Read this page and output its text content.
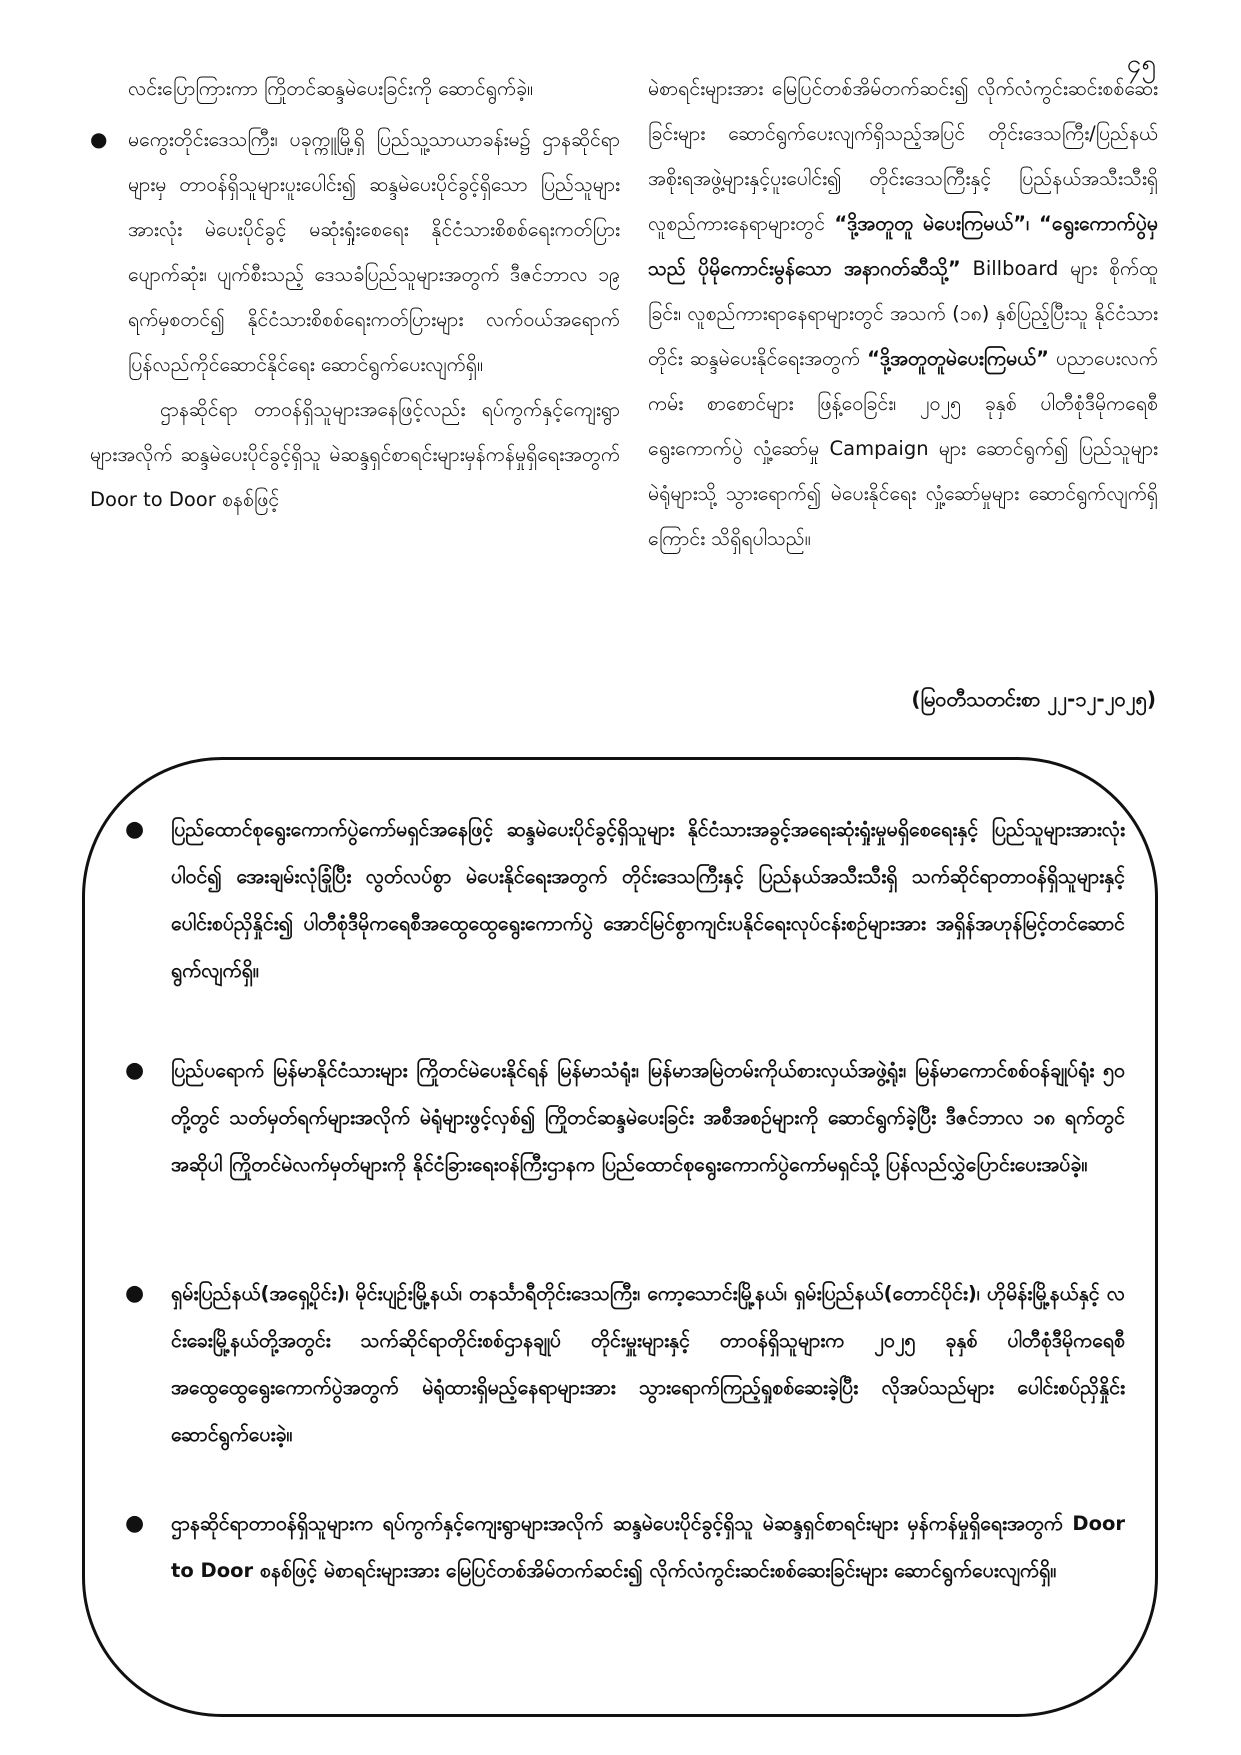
၄၅

လင်းပြောကြားကာ ကြိုတင်ဆန္ဒမဲပေးခြင်းကို ဆောင်ရွက်ခဲ့။

●	မကွေးတိုင်းဒေသကြီး၊ ပခုက္ကူမြို့ရှိ ပြည်သူ့သာယာခန်းမ၌ ဌာနဆိုင်ရာများမှ တာဝန်ရှိသူများပူးပေါင်း၍ ဆန္ဒမဲပေးပိုင်ခွင့်ရှိသော ပြည်သူများအားလုံး မဲပေးပိုင်ခွင့် မဆုံးရှုံးစေရေး နိုင်ငံသားစိစစ်ရေးကတ်ပြားပျောက်ဆုံး၊ ပျက်စီးသည့် ဒေသခံပြည်သူများအတွက် ဒီဇင်ဘာလ ၁၉ ရက်မှစတင်၍ နိုင်ငံသားစိစစ်ရေးကတ်ပြားများ လက်ဝယ်အရောက် ပြန်လည်ကိုင်ဆောင်နိုင်ရေး ဆောင်ရွက်ပေးလျက်ရှိ။

ဌာနဆိုင်ရာ တာဝန်ရှိသူများအနေဖြင့်လည်း ရပ်ကွက်နှင့်ကျေးရွာများအလိုက် ဆန္ဒမဲပေးပိုင်ခွင့်ရှိသူ မဲဆန္ဒရှင်စာရင်းများမှန်ကန်မှုရှိရေးအတွက် Door to Door စနစ်ဖြင့်

မဲစာရင်းများအား မြေပြင်တစ်အိမ်တက်ဆင်း၍ လိုက်လံကွင်းဆင်းစစ်ဆေးခြင်းများ ဆောင်ရွက်ပေးလျက်ရှိသည့်အပြင် တိုင်းဒေသကြီး/ပြည်နယ်အစိုးရအဖွဲ့များနှင့်ပူးပေါင်း၍ တိုင်းဒေသကြီးနှင့် ပြည်နယ်အသီးသီးရှိ လူစည်ကားနေရာများတွင် “ဒို့အတူတူ မဲပေးကြမယ်”၊ “ရွေးကောက်ပွဲမှသည် ပိုမိုကောင်းမွန်သော အနာဂတ်ဆီသို့” Billboard များ စိုက်ထူခြင်း၊ လူစည်ကားရာနေရာများတွင် အသက် (၁၈) နှစ်ပြည့်ပြီးသူ နိုင်ငံသားတိုင်း ဆန္ဒမဲပေးနိုင်ရေးအတွက် “ဒို့အတူတူမဲပေးကြမယ်” ပညာပေးလက်ကမ်း စာစောင်များ ဖြန့်ဝေခြင်း၊ ၂၀၂၅ ခုနှစ် ပါတီစုံဒီမိုကရေစီ ရွေးကောက်ပွဲ လှုံ့ဆော်မှု Campaign များ ဆောင်ရွက်၍ ပြည်သူများ မဲရုံများသို့ သွားရောက်၍ မဲပေးနိုင်ရေး လှုံ့ဆော်မှုများ ဆောင်ရွက်လျက်ရှိကြောင်း သိရှိရပါသည်။

(မြဝတီသတင်းစာ ၂၂-၁၂-၂၀၂၅)
●	ပြည်ထောင်စုရွေးကောက်ပွဲကော်မရှင်အနေဖြင့် ဆန္ဒမဲပေးပိုင်ခွင့်ရှိသူများ နိုင်ငံသားအခွင့်အရေးဆုံးရှုံးမှုမရှိစေရေးနှင့် ပြည်သူများအားလုံးပါဝင်၍ အေးချမ်းလုံခြုံပြီး လွတ်လပ်စွာ မဲပေးနိုင်ရေးအတွက် တိုင်းဒေသကြီးနှင့် ပြည်နယ်အသီးသီးရှိ သက်ဆိုင်ရာတာဝန်ရှိသူများနှင့် ပေါင်းစပ်ညှိနှိုင်း၍ ပါတီစုံဒီမိုကရေစီအထွေထွေရွေးကောက်ပွဲ အောင်မြင်စွာကျင်းပနိုင်ရေးလုပ်ငန်းစဉ်များအား အရှိန်အဟုန်မြင့်တင်ဆောင်ရွက်လျက်ရှိ။
●	ပြည်ပရောက် မြန်မာနိုင်ငံသားများ ကြိုတင်မဲပေးနိုင်ရန် မြန်မာသံရုံး၊ မြန်မာအမြဲတမ်းကိုယ်စားလှယ်အဖွဲ့ရုံး၊ မြန်မာကောင်စစ်ဝန်ချုပ်ရုံး ၅၀ တို့တွင် သတ်မှတ်ရက်များအလိုက် မဲရုံများဖွင့်လှစ်၍ ကြိုတင်ဆန္ဒမဲပေးခြင်း အစီအစဉ်များကို ဆောင်ရွက်ခဲ့ပြီး ဒီဇင်ဘာလ ၁၈ ရက်တွင် အဆိုပါ ကြိုတင်မဲလက်မှတ်များကို နိုင်ငံခြားရေးဝန်ကြီးဌာနက ပြည်ထောင်စုရွေးကောက်ပွဲကော်မရှင်သို့ ပြန်လည်လွှဲပြောင်းပေးအပ်ခဲ့။
●	ရှမ်းပြည်နယ်(အရှေ့ပိုင်း)၊ မိုင်းပျဉ်းမြို့နယ်၊ တနင်္သာရီတိုင်းဒေသကြီး၊ ကော့သောင်းမြို့နယ်၊ ရှမ်းပြည်နယ်(တောင်ပိုင်း)၊ ဟိုမိန်းမြို့နယ်နှင့် လင်းခေးမြို့နယ်တို့အတွင်း သက်ဆိုင်ရာတိုင်းစစ်ဌာနချုပ် တိုင်းမှူးများနှင့် တာဝန်ရှိသူများက ၂၀၂၅ ခုနှစ် ပါတီစုံဒီမိုကရေစီအထွေထွေရွေးကောက်ပွဲအတွက် မဲရုံထားရှိမည့်နေရာများအား သွားရောက်ကြည့်ရှုစစ်ဆေးခဲ့ပြီး လိုအပ်သည်များ ပေါင်းစပ်ညှိနှိုင်းဆောင်ရွက်ပေးခဲ့။
●	ဌာနဆိုင်ရာတာဝန်ရှိသူများက ရပ်ကွက်နှင့်ကျေးရွာများအလိုက် ဆန္ဒမဲပေးပိုင်ခွင့်ရှိသူ မဲဆန္ဒရှင်စာရင်းများ မှန်ကန်မှုရှိရေးအတွက် Door to Door စနစ်ဖြင့် မဲစာရင်းများအား မြေပြင်တစ်အိမ်တက်ဆင်း၍ လိုက်လံကွင်းဆင်းစစ်ဆေးခြင်းများ ဆောင်ရွက်ပေးလျက်ရှိ။
